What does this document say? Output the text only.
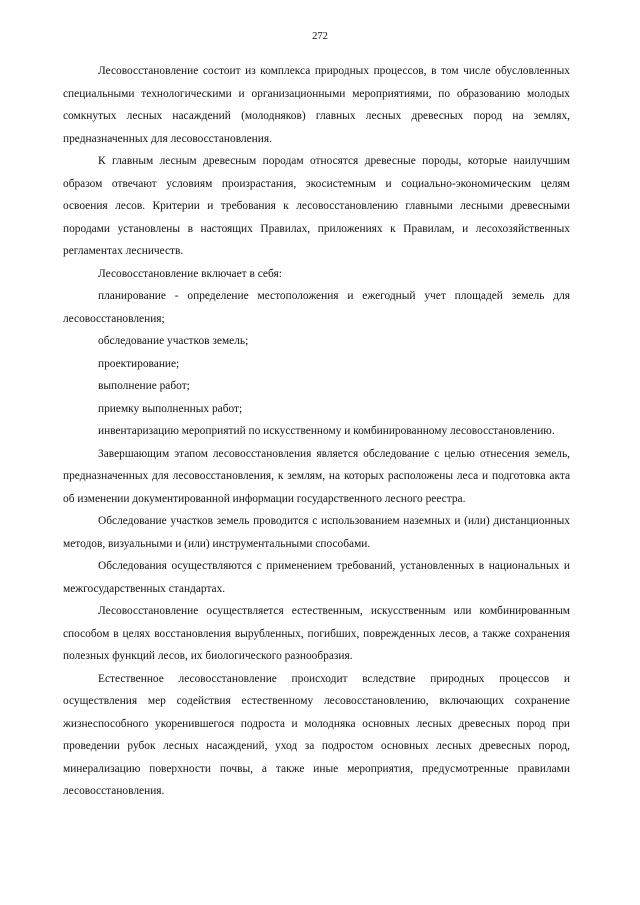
272

Лесовосстановление состоит из комплекса природных процессов, в том числе обусловленных специальными технологическими и организационными мероприятиями, по образованию молодых сомкнутых лесных насаждений (молодняков) главных лесных древесных пород на землях, предназначенных для лесовосстановления.

К главным лесным древесным породам относятся древесные породы, которые наилучшим образом отвечают условиям произрастания, экосистемным и социально-экономическим целям освоения лесов. Критерии и требования к лесовосстановлению главными лесными древесными породами установлены в настоящих Правилах, приложениях к Правилам, и лесохозяйственных регламентах лесничеств.

Лесовосстановление включает в себя:

планирование - определение местоположения и ежегодный учет площадей земель для лесовосстановления;

обследование участков земель;

проектирование;

выполнение работ;

приемку выполненных работ;

инвентаризацию мероприятий по искусственному и комбинированному лесовосстановлению.

Завершающим этапом лесовосстановления является обследование с целью отнесения земель, предназначенных для лесовосстановления, к землям, на которых расположены леса и подготовка акта об изменении документированной информации государственного лесного реестра.

Обследование участков земель проводится с использованием наземных и (или) дистанционных методов, визуальными и (или) инструментальными способами.

Обследования осуществляются с применением требований, установленных в национальных и межгосударственных стандартах.

Лесовосстановление осуществляется естественным, искусственным или комбинированным способом в целях восстановления вырубленных, погибших, поврежденных лесов, а также сохранения полезных функций лесов, их биологического разнообразия.

Естественное лесовосстановление происходит вследствие природных процессов и осуществления мер содействия естественному лесовосстановлению, включающих сохранение жизнеспособного укоренившегося подроста и молодняка основных лесных древесных пород при проведении рубок лесных насаждений, уход за подростом основных лесных древесных пород, минерализацию поверхности почвы, а также иные мероприятия, предусмотренные правилами лесовосстановления.
